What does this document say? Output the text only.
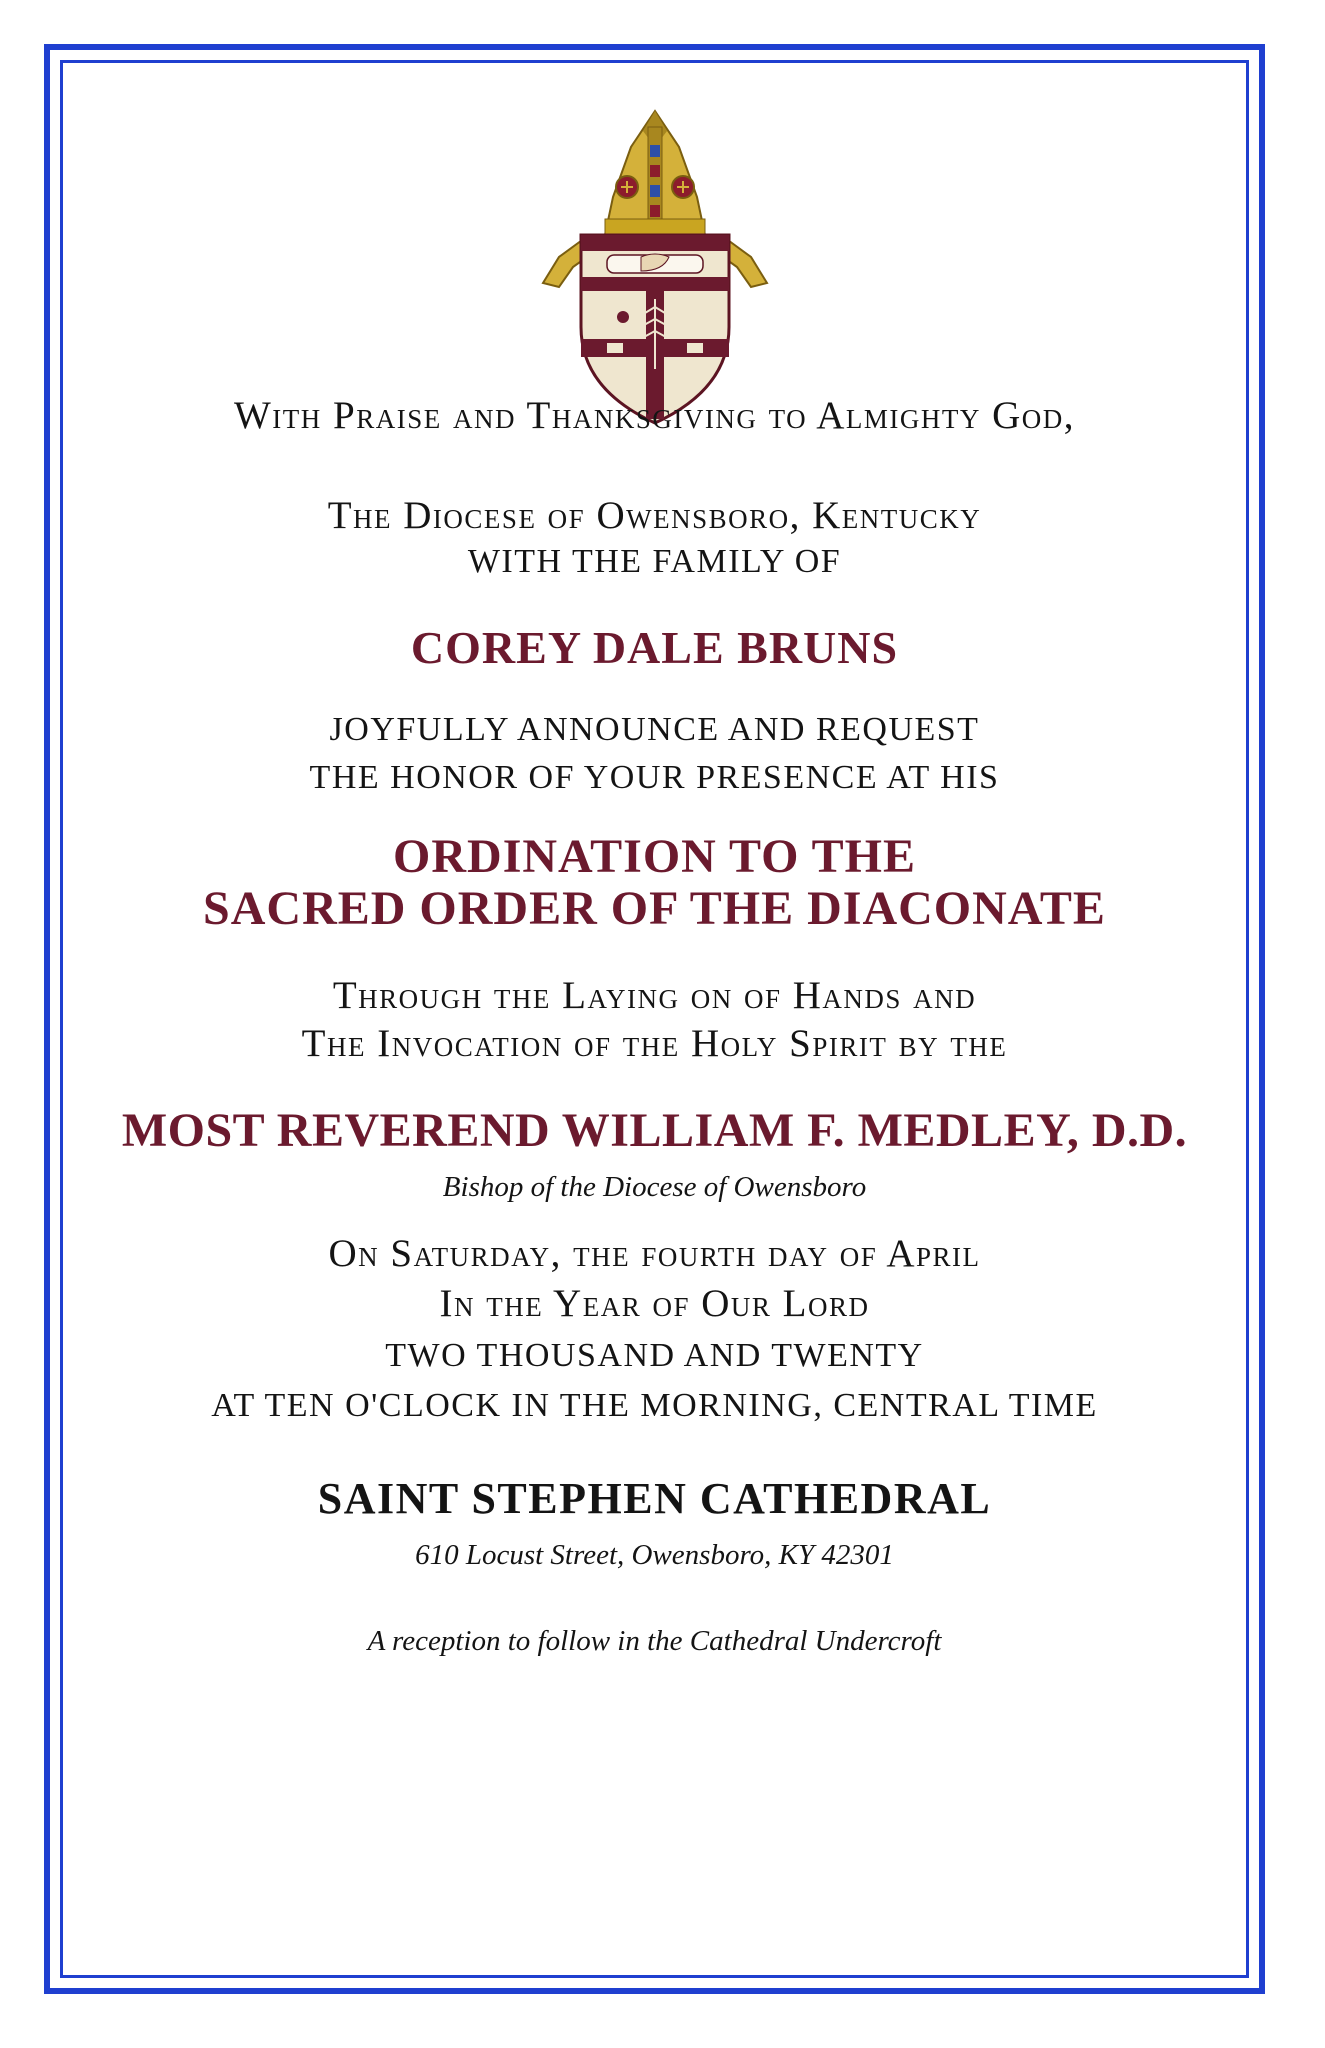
With Praise and Thanksgiving to Almighty God,
The Diocese of Owensboro, Kentucky
WITH THE FAMILY OF
COREY DALE BRUNS
JOYFULLY ANNOUNCE AND REQUEST
THE HONOR OF YOUR PRESENCE AT HIS
ORDINATION TO THE
SACRED ORDER OF THE DIACONATE
Through the Laying on of Hands and
The Invocation of the Holy Spirit by the
MOST REVEREND WILLIAM F. MEDLEY, D.D.
Bishop of the Diocese of Owensboro
On Saturday, the fourth day of April
In the Year of Our Lord
TWO THOUSAND AND TWENTY
AT TEN O'CLOCK IN THE MORNING, CENTRAL TIME
SAINT STEPHEN CATHEDRAL
610 Locust Street, Owensboro, KY 42301
A reception to follow in the Cathedral Undercroft
